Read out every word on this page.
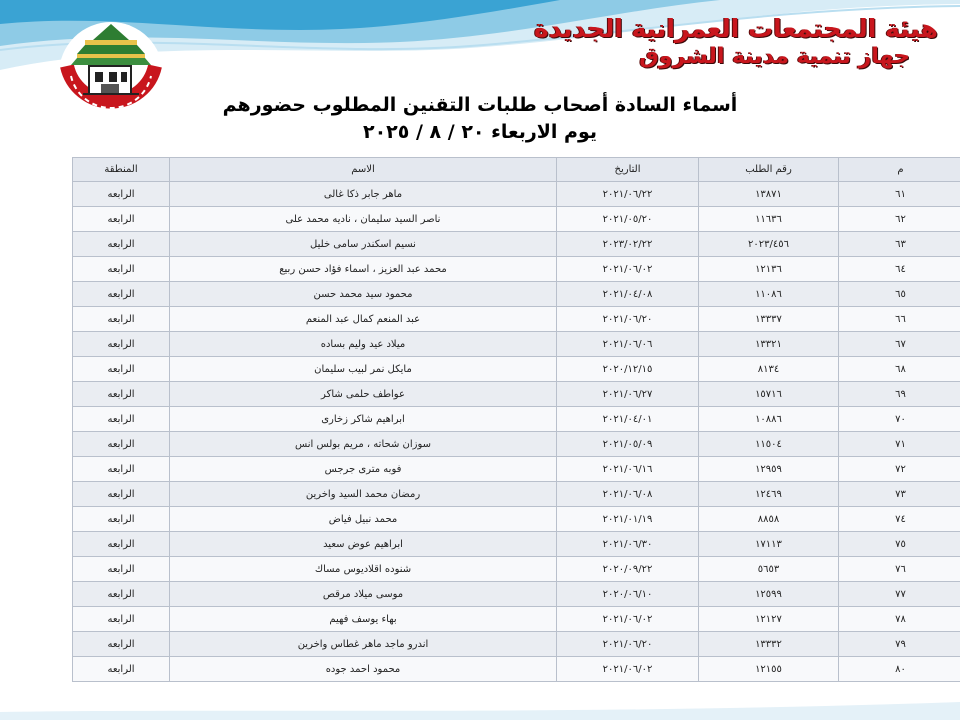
هيئة المجتمعات العمرانية الجديدة
جهاز تنمية مدينة الشروق
أسماء السادة أصحاب طلبات التقنين المطلوب حضورهم
يوم الاربعاء ٢٠ / ٨ / ٢٠٢٥
م	رقم الطلب	التاريخ	الاسم	المنطقة
٦١	١٣٨٧١	٢٠٢١/٠٦/٢٢	ماهر جابر ذكا غالى	الرابعه
٦٢	١١٦٣٦	٢٠٢١/٠٥/٢٠	ناصر السيد سليمان ، ناديه محمد على	الرابعه
٦٣	٢٠٢٣/٤٥٦	٢٠٢٣/٠٢/٢٢	نسيم اسكندر سامى خليل	الرابعه
٦٤	١٢١٣٦	٢٠٢١/٠٦/٠٢	محمد عبد العزيز ، اسماء فؤاد حسن ربيع	الرابعه
٦٥	١١٠٨٦	٢٠٢١/٠٤/٠٨	محمود سيد محمد حسن	الرابعه
٦٦	١٣٣٣٧	٢٠٢١/٠٦/٢٠	عبد المنعم كمال عبد المنعم	الرابعه
٦٧	١٣٣٢١	٢٠٢١/٠٦/٠٦	ميلاد عيد وليم بساده	الرابعه
٦٨	٨١٣٤	٢٠٢٠/١٢/١٥	مايكل نمر لبيب سليمان	الرابعه
٦٩	١٥٧١٦	٢٠٢١/٠٦/٢٧	عواطف حلمى شاكر	الرابعه
٧٠	١٠٨٨٦	٢٠٢١/٠٤/٠١	ابراهيم شاكر زخارى	الرابعه
٧١	١١٥٠٤	٢٠٢١/٠٥/٠٩	سوزان شحاته ، مريم بولس انس	الرابعه
٧٢	١٢٩٥٩	٢٠٢١/٠٦/١٦	فوبه مترى جرجس	الرابعه
٧٣	١٢٤٦٩	٢٠٢١/٠٦/٠٨	رمضان محمد السيد واخرين	الرابعه
٧٤	٨٨٥٨	٢٠٢١/٠١/١٩	محمد نبيل فياض	الرابعه
٧٥	١٧١١٣	٢٠٢١/٠٦/٣٠	ابراهيم عوض سعيد	الرابعه
٧٦	٥٦٥٣	٢٠٢٠/٠٩/٢٢	شنوده اقلاديوس مساك	الرابعه
٧٧	١٢٥٩٩	٢٠٢٠/٠٦/١٠	موسى ميلاد مرقص	الرابعه
٧٨	١٢١٢٧	٢٠٢١/٠٦/٠٢	بهاء يوسف فهيم	الرابعه
٧٩	١٣٣٣٢	٢٠٢١/٠٦/٢٠	اندرو ماجد ماهر غطاس واخرين	الرابعه
٨٠	١٢١٥٥	٢٠٢١/٠٦/٠٢	محمود احمد جوده	الرابعه
